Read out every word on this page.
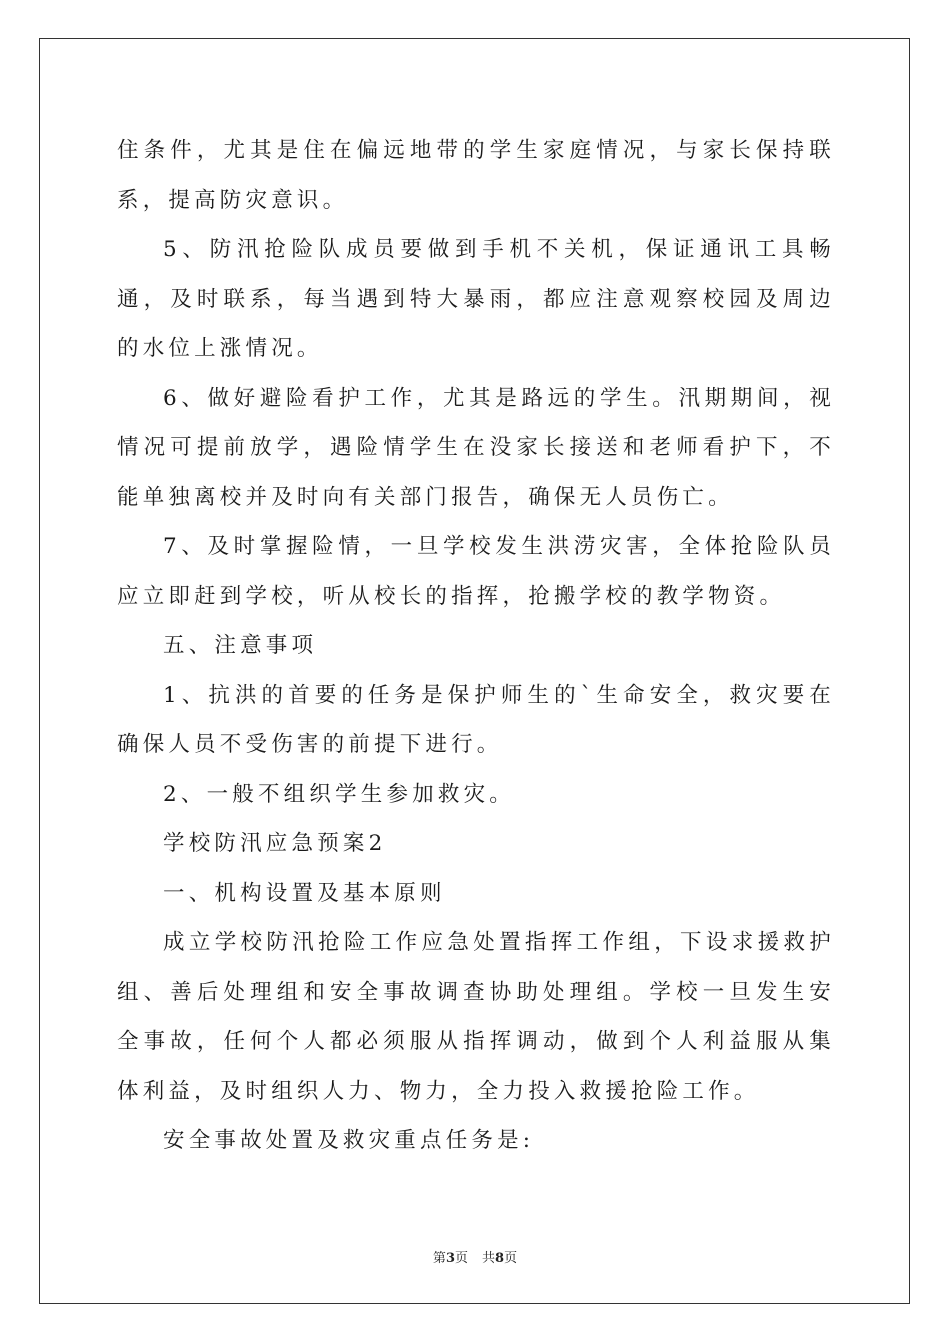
住条件，尤其是住在偏远地带的学生家庭情况，与家长保持联系，提高防灾意识。

5、防汛抢险队成员要做到手机不关机，保证通讯工具畅通，及时联系，每当遇到特大暴雨，都应注意观察校园及周边的水位上涨情况。

6、做好避险看护工作，尤其是路远的学生。汛期期间，视情况可提前放学，遇险情学生在没家长接送和老师看护下，不能单独离校并及时向有关部门报告，确保无人员伤亡。

7、及时掌握险情，一旦学校发生洪涝灾害，全体抢险队员应立即赶到学校，听从校长的指挥，抢搬学校的教学物资。

五、注意事项

1、抗洪的首要的任务是保护师生的`生命安全，救灾要在确保人员不受伤害的前提下进行。

2、一般不组织学生参加救灾。

学校防汛应急预案2

一、机构设置及基本原则

成立学校防汛抢险工作应急处置指挥工作组，下设求援救护组、善后处理组和安全事故调查协助处理组。学校一旦发生安全事故，任何个人都必须服从指挥调动，做到个人利益服从集体利益，及时组织人力、物力，全力投入救援抢险工作。

安全事故处置及救灾重点任务是:

第3页 共8页
